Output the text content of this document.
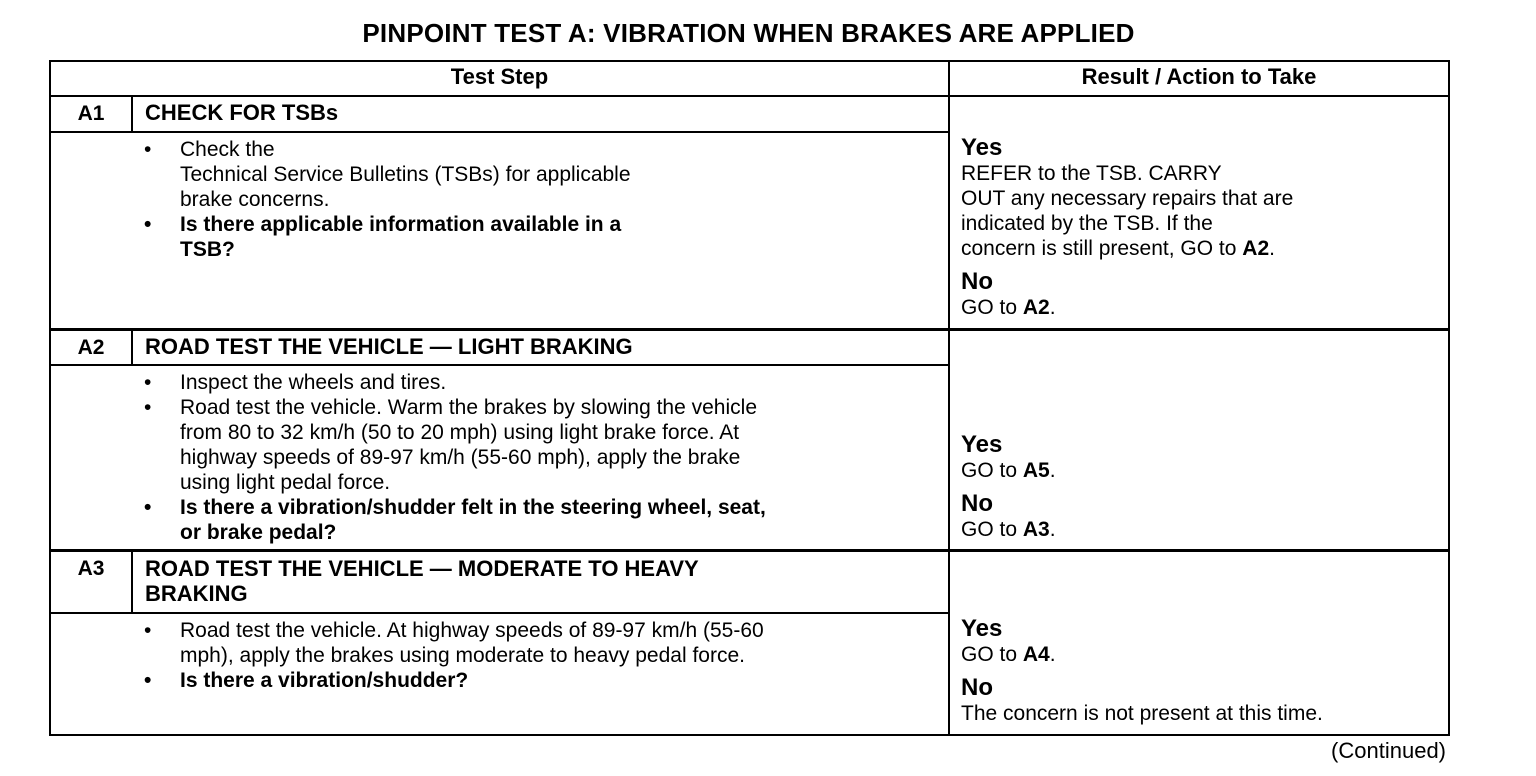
PINPOINT TEST A: VIBRATION WHEN BRAKES ARE APPLIED
Test Step	Result / Action to Take
A1	CHECK FOR TSBs
• Check the
Technical Service Bulletins (TSBs) for applicable
brake concerns.
• Is there applicable information available in a
TSB?
Yes
REFER to the TSB. CARRY
OUT any necessary repairs that are
indicated by the TSB. If the
concern is still present, GO to A2.
No
GO to A2.
A2	ROAD TEST THE VEHICLE — LIGHT BRAKING
• Inspect the wheels and tires.
• Road test the vehicle. Warm the brakes by slowing the vehicle
from 80 to 32 km/h (50 to 20 mph) using light brake force. At
highway speeds of 89-97 km/h (55-60 mph), apply the brake
using light pedal force.
• Is there a vibration/shudder felt in the steering wheel, seat,
or brake pedal?
Yes
GO to A5.
No
GO to A3.
A3	ROAD TEST THE VEHICLE — MODERATE TO HEAVY
BRAKING
• Road test the vehicle. At highway speeds of 89-97 km/h (55-60
mph), apply the brakes using moderate to heavy pedal force.
• Is there a vibration/shudder?
Yes
GO to A4.
No
The concern is not present at this time.
(Continued)
